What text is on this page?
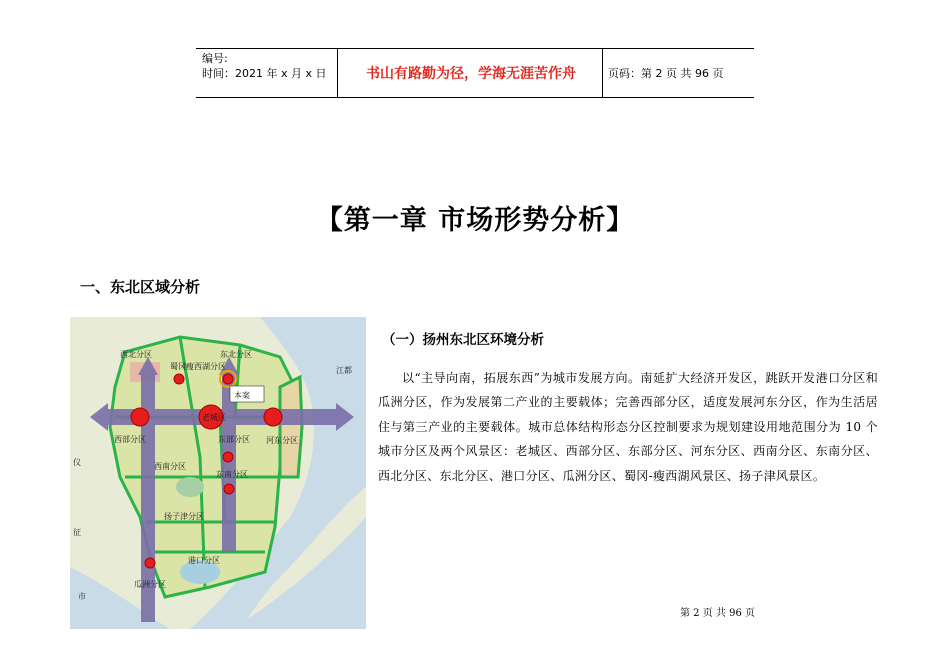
编号:
时间：2021 年 x 月 x 日	书山有路勤为径，学海无涯苦作舟	页码：第 2 页 共 96 页
【第一章 市场形势分析】
一、东北区域分析
西北分区	东北分区
蜀冈瘦西湖分区
本案
西部分区
老城区
东部分区 河东分区
西南分区
东南分区
扬子津分区
港口分区
瓜洲分区
江都
仪
征
市
（一）扬州东北区环境分析
以“主导向南，拓展东西”为城市发展方向。南延扩大经济开发区，跳跃开发港口分区和瓜洲分区，作为发展第二产业的主要载体；完善西部分区，适度发展河东分区，作为生活居住与第三产业的主要载体。城市总体结构形态分区控制要求为规划建设用地范围分为 10 个城市分区及两个风景区：老城区、西部分区、东部分区、河东分区、西南分区、东南分区、西北分区、东北分区、港口分区、瓜洲分区、蜀冈-瘦西湖风景区、扬子津风景区。
第 2 页 共 96 页
